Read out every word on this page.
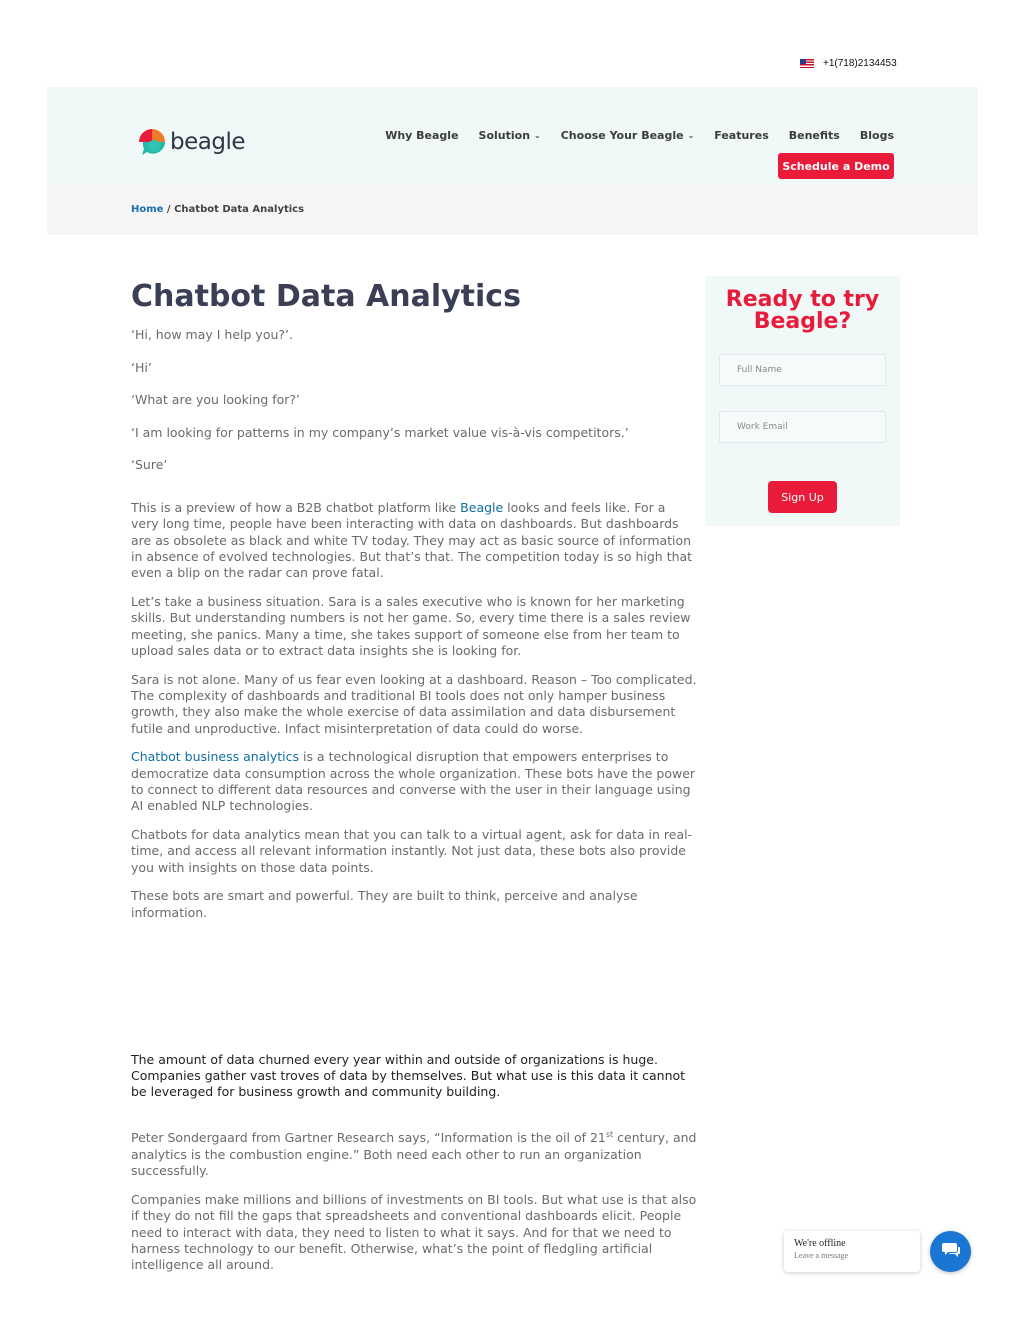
+1(718)2134453
beagle	Why Beagle Solution ⌄ Choose Your Beagle ⌄ Features Benefits Blogs
Schedule a Demo
Home / Chatbot Data Analytics
Chatbot Data Analytics

‘Hi, how may I help you?’.

‘Hi’

‘What are you looking for?’

‘I am looking for patterns in my company’s market value vis-à-vis competitors.’

‘Sure’

This is a preview of how a B2B chatbot platform like Beagle looks and feels like. For a very long time, people have been interacting with data on dashboards. But dashboards are as obsolete as black and white TV today. They may act as basic source of information in absence of evolved technologies. But that’s that. The competition today is so high that even a blip on the radar can prove fatal.

Let’s take a business situation. Sara is a sales executive who is known for her marketing skills. But understanding numbers is not her game. So, every time there is a sales review meeting, she panics. Many a time, she takes support of someone else from her team to upload sales data or to extract data insights she is looking for.

Sara is not alone. Many of us fear even looking at a dashboard. Reason – Too complicated. The complexity of dashboards and traditional BI tools does not only hamper business growth, they also make the whole exercise of data assimilation and data disbursement futile and unproductive. Infact misinterpretation of data could do worse.

Chatbot business analytics is a technological disruption that empowers enterprises to democratize data consumption across the whole organization. These bots have the power to connect to different data resources and converse with the user in their language using AI enabled NLP technologies.

Chatbots for data analytics mean that you can talk to a virtual agent, ask for data in real-time, and access all relevant information instantly. Not just data, these bots also provide you with insights on those data points.

These bots are smart and powerful. They are built to think, perceive and analyse information.

The amount of data churned every year within and outside of organizations is huge. Companies gather vast troves of data by themselves. But what use is this data it cannot be leveraged for business growth and community building.

Peter Sondergaard from Gartner Research says, “Information is the oil of 21st century, and analytics is the combustion engine.” Both need each other to run an organization successfully.

Companies make millions and billions of investments on BI tools. But what use is that also if they do not fill the gaps that spreadsheets and conventional dashboards elicit. People need to interact with data, they need to listen to what it says. And for that we need to harness technology to our benefit. Otherwise, what’s the point of fledgling artificial intelligence all around.

Ready to try Beagle?
Full Name
Work Email
Sign Up
We're offline
Leave a message
